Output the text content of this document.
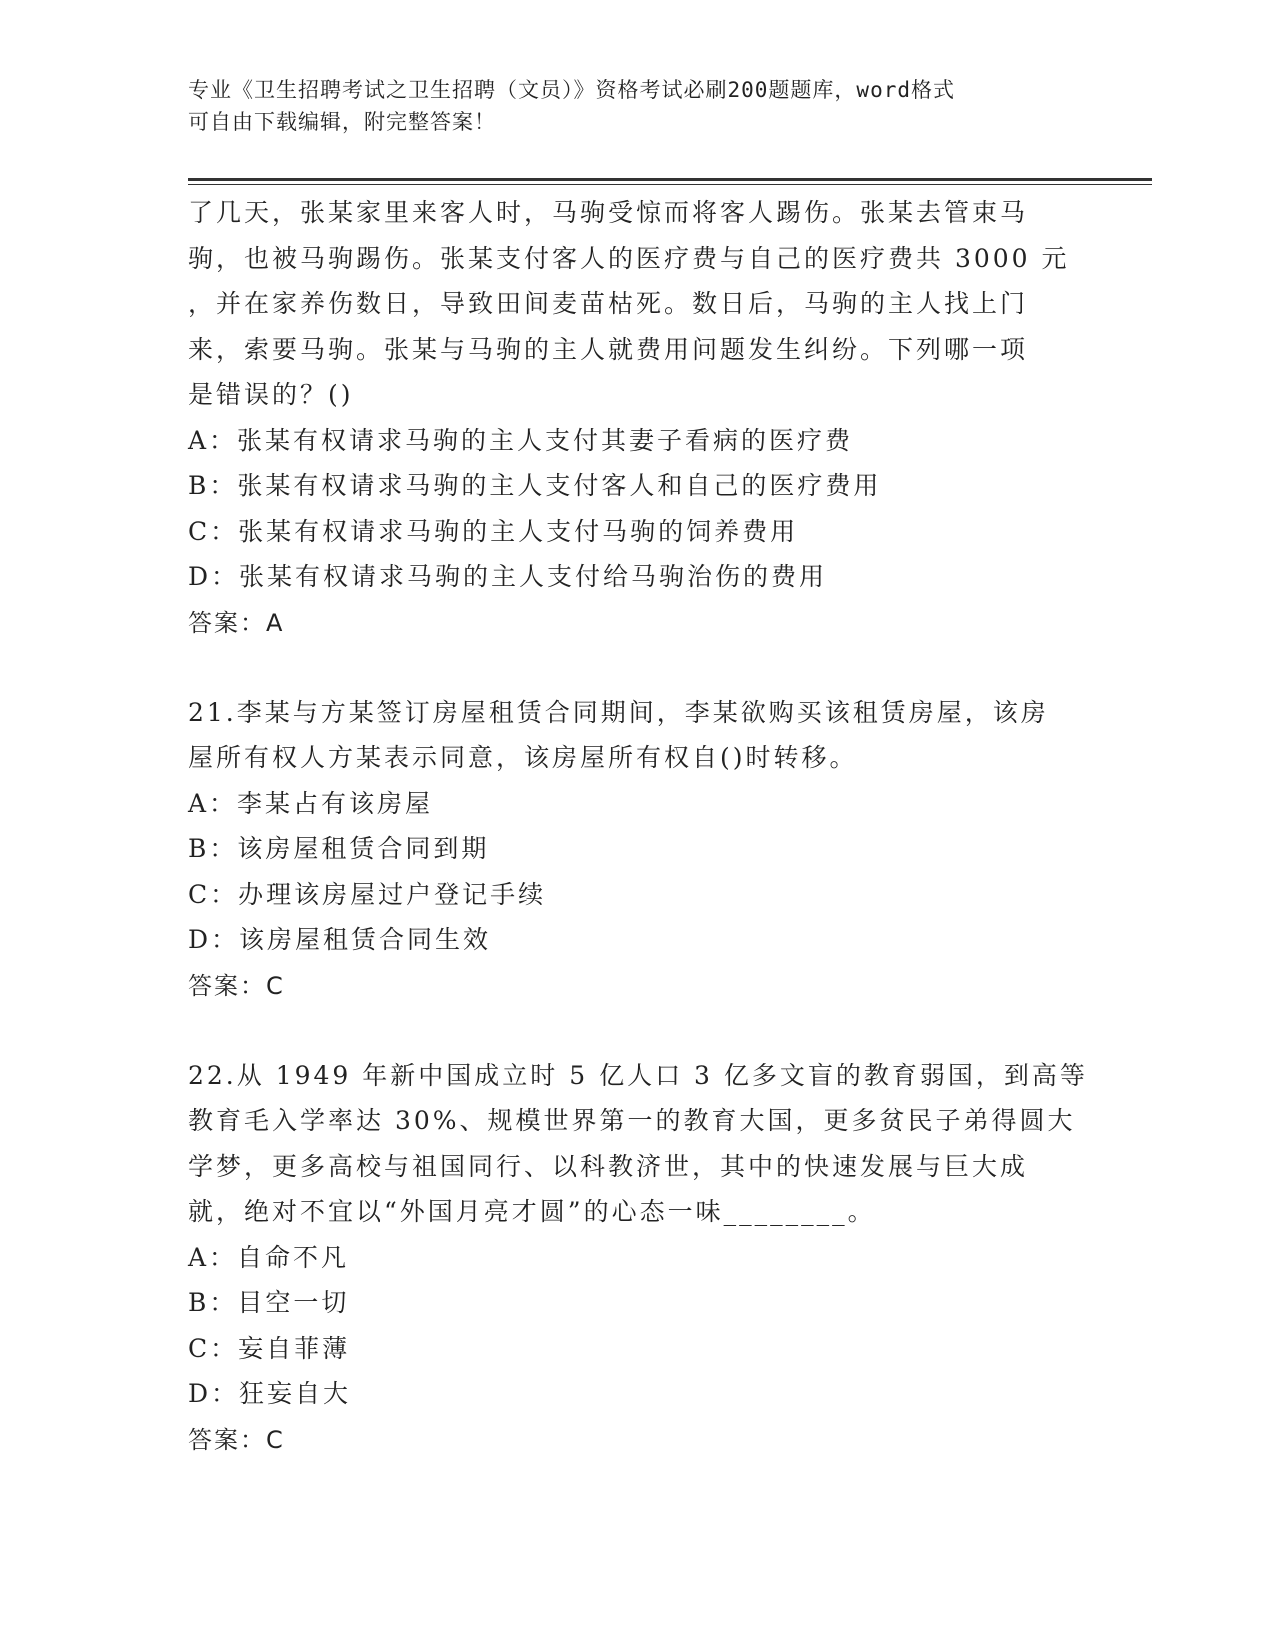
专业《卫生招聘考试之卫生招聘（文员）》资格考试必刷200题题库，word格式
可自由下载编辑，附完整答案！
了几天，张某家里来客人时，马驹受惊而将客人踢伤。张某去管束马
驹，也被马驹踢伤。张某支付客人的医疗费与自己的医疗费共 3000 元
，并在家养伤数日，导致田间麦苗枯死。数日后，马驹的主人找上门
来，索要马驹。张某与马驹的主人就费用问题发生纠纷。下列哪一项
是错误的？()
A：张某有权请求马驹的主人支付其妻子看病的医疗费
B：张某有权请求马驹的主人支付客人和自己的医疗费用
C：张某有权请求马驹的主人支付马驹的饲养费用
D：张某有权请求马驹的主人支付给马驹治伤的费用
答案：A
21.李某与方某签订房屋租赁合同期间，李某欲购买该租赁房屋，该房
屋所有权人方某表示同意，该房屋所有权自()时转移。
A：李某占有该房屋
B：该房屋租赁合同到期
C：办理该房屋过户登记手续
D：该房屋租赁合同生效
答案：C
22.从 1949 年新中国成立时 5 亿人口 3 亿多文盲的教育弱国，到高等
教育毛入学率达 30%、规模世界第一的教育大国，更多贫民子弟得圆大
学梦，更多高校与祖国同行、以科教济世，其中的快速发展与巨大成
就，绝对不宜以“外国月亮才圆”的心态一味________。
A：自命不凡
B：目空一切
C：妄自菲薄
D：狂妄自大
答案：C
